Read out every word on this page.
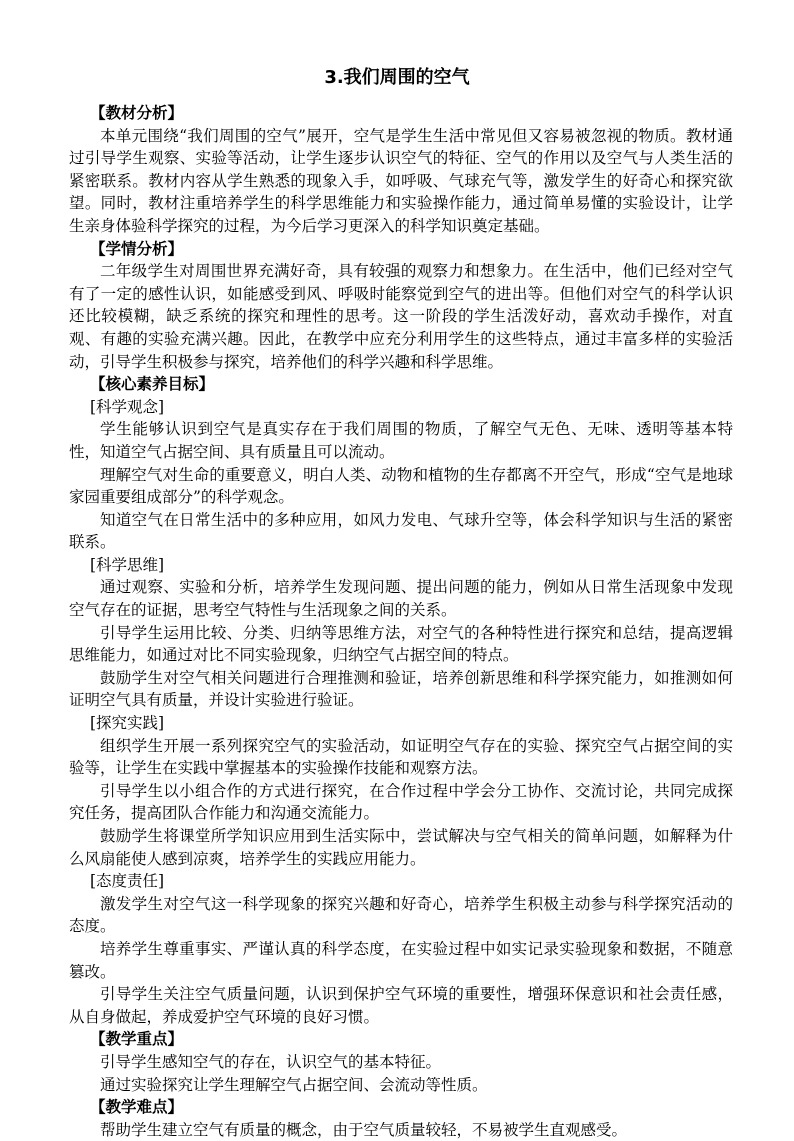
3.我们周围的空气

【教材分析】

本单元围绕“我们周围的空气”展开，空气是学生生活中常见但又容易被忽视的物质。教材通过引导学生观察、实验等活动，让学生逐步认识空气的特征、空气的作用以及空气与人类生活的紧密联系。教材内容从学生熟悉的现象入手，如呼吸、气球充气等，激发学生的好奇心和探究欲望。同时，教材注重培养学生的科学思维能力和实验操作能力，通过简单易懂的实验设计，让学生亲身体验科学探究的过程，为今后学习更深入的科学知识奠定基础。

【学情分析】

二年级学生对周围世界充满好奇，具有较强的观察力和想象力。在生活中，他们已经对空气有了一定的感性认识，如能感受到风、呼吸时能察觉到空气的进出等。但他们对空气的科学认识还比较模糊，缺乏系统的探究和理性的思考。这一阶段的学生活泼好动，喜欢动手操作，对直观、有趣的实验充满兴趣。因此，在教学中应充分利用学生的这些特点，通过丰富多样的实验活动，引导学生积极参与探究，培养他们的科学兴趣和科学思维。

【核心素养目标】

[科学观念]

学生能够认识到空气是真实存在于我们周围的物质，了解空气无色、无味、透明等基本特性，知道空气占据空间、具有质量且可以流动。

理解空气对生命的重要意义，明白人类、动物和植物的生存都离不开空气，形成“空气是地球家园重要组成部分”的科学观念。

知道空气在日常生活中的多种应用，如风力发电、气球升空等，体会科学知识与生活的紧密联系。

[科学思维]

通过观察、实验和分析，培养学生发现问题、提出问题的能力，例如从日常生活现象中发现空气存在的证据，思考空气特性与生活现象之间的关系。

引导学生运用比较、分类、归纳等思维方法，对空气的各种特性进行探究和总结，提高逻辑思维能力，如通过对比不同实验现象，归纳空气占据空间的特点。

鼓励学生对空气相关问题进行合理推测和验证，培养创新思维和科学探究能力，如推测如何证明空气具有质量，并设计实验进行验证。

[探究实践]

组织学生开展一系列探究空气的实验活动，如证明空气存在的实验、探究空气占据空间的实验等，让学生在实践中掌握基本的实验操作技能和观察方法。

引导学生以小组合作的方式进行探究，在合作过程中学会分工协作、交流讨论，共同完成探究任务，提高团队合作能力和沟通交流能力。

鼓励学生将课堂所学知识应用到生活实际中，尝试解决与空气相关的简单问题，如解释为什么风扇能使人感到凉爽，培养学生的实践应用能力。

[态度责任]

激发学生对空气这一科学现象的探究兴趣和好奇心，培养学生积极主动参与科学探究活动的态度。

培养学生尊重事实、严谨认真的科学态度，在实验过程中如实记录实验现象和数据，不随意篡改。

引导学生关注空气质量问题，认识到保护空气环境的重要性，增强环保意识和社会责任感，从自身做起，养成爱护空气环境的良好习惯。

【教学重点】

引导学生感知空气的存在，认识空气的基本特征。

通过实验探究让学生理解空气占据空间、会流动等性质。

【教学难点】

帮助学生建立空气有质量的概念，由于空气质量较轻，不易被学生直观感受。
